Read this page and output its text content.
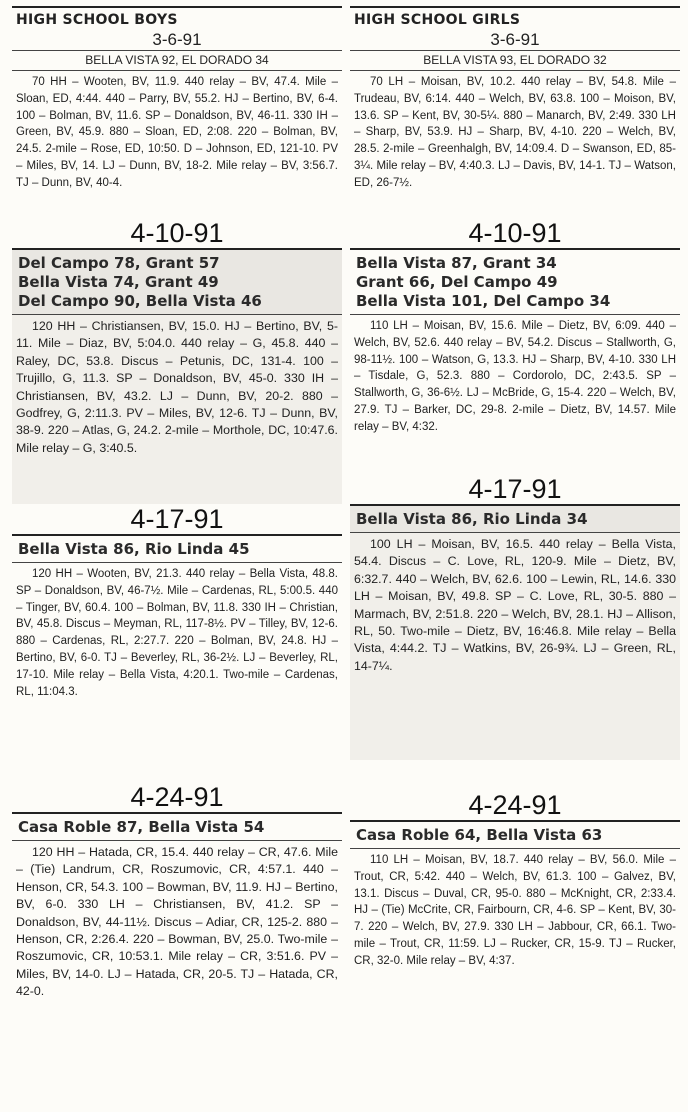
HIGH SCHOOL BOYS
3-6-91
BELLA VISTA 92, EL DORADO 34
70 HH – Wooten, BV, 11.9. 440 relay – BV, 47.4. Mile – Sloan, ED, 4:44. 440 – Parry, BV, 55.2. HJ – Bertino, BV, 6-4. 100 – Bolman, BV, 11.6. SP – Donaldson, BV, 46-11. 330 IH – Green, BV, 45.9. 880 – Sloan, ED, 2:08. 220 – Bolman, BV, 24.5. 2-mile – Rose, ED, 10:50. D – Johnson, ED, 121-10. PV – Miles, BV, 14. LJ – Dunn, BV, 18-2. Mile relay – BV, 3:56.7. TJ – Dunn, BV, 40-4.
4-10-91
Del Campo 78, Grant 57
Bella Vista 74, Grant 49
Del Campo 90, Bella Vista 46
120 HH – Christiansen, BV, 15.0. HJ – Bertino, BV, 5-11. Mile – Diaz, BV, 5:04.0. 440 relay – G, 45.8. 440 – Raley, DC, 53.8. Discus – Petunis, DC, 131-4. 100 – Trujillo, G, 11.3. SP – Donaldson, BV, 45-0. 330 IH – Christiansen, BV, 43.2. LJ – Dunn, BV, 20-2. 880 – Godfrey, G, 2:11.3. PV – Miles, BV, 12-6. TJ – Dunn, BV, 38-9. 220 – Atlas, G, 24.2. 2-mile – Morthole, DC, 10:47.6. Mile relay – G, 3:40.5.
4-17-91
Bella Vista 86, Rio Linda 45
120 HH – Wooten, BV, 21.3. 440 relay – Bella Vista, 48.8. SP – Donaldson, BV, 46-7½. Mile – Cardenas, RL, 5:00.5. 440 – Tinger, BV, 60.4. 100 – Bolman, BV, 11.8. 330 IH – Christian, BV, 45.8. Discus – Meyman, RL, 117-8½. PV – Tilley, BV, 12-6. 880 – Cardenas, RL, 2:27.7. 220 – Bolman, BV, 24.8. HJ – Bertino, BV, 6-0. TJ – Beverley, RL, 36-2½. LJ – Beverley, RL, 17-10. Mile relay – Bella Vista, 4:20.1. Two-mile – Cardenas, RL, 11:04.3.
4-24-91
Casa Roble 87, Bella Vista 54
120 HH – Hatada, CR, 15.4. 440 relay – CR, 47.6. Mile – (Tie) Landrum, CR, Roszumovic, CR, 4:57.1. 440 – Henson, CR, 54.3. 100 – Bowman, BV, 11.9. HJ – Bertino, BV, 6-0. 330 LH – Christiansen, BV, 41.2. SP – Donaldson, BV, 44-11½. Discus – Adiar, CR, 125-2. 880 – Henson, CR, 2:26.4. 220 – Bowman, BV, 25.0. Two-mile – Roszumovic, CR, 10:53.1. Mile relay – CR, 3:51.6. PV – Miles, BV, 14-0. LJ – Hatada, CR, 20-5. TJ – Hatada, CR, 42-0.
HIGH SCHOOL GIRLS
3-6-91
BELLA VISTA 93, EL DORADO 32
70 LH – Moisan, BV, 10.2. 440 relay – BV, 54.8. Mile – Trudeau, BV, 6:14. 440 – Welch, BV, 63.8. 100 – Moison, BV, 13.6. SP – Kent, BV, 30-5¼. 880 – Manarch, BV, 2:49. 330 LH – Sharp, BV, 53.9. HJ – Sharp, BV, 4-10. 220 – Welch, BV, 28.5. 2-mile – Greenhalgh, BV, 14:09.4. D – Swanson, ED, 85-3¼. Mile relay – BV, 4:40.3. LJ – Davis, BV, 14-1. TJ – Watson, ED, 26-7½.
4-10-91
Bella Vista 87, Grant 34
Grant 66, Del Campo 49
Bella Vista 101, Del Campo 34
110 LH – Moisan, BV, 15.6. Mile – Dietz, BV, 6:09. 440 – Welch, BV, 52.6. 440 relay – BV, 54.2. Discus – Stallworth, G, 98-11½. 100 – Watson, G, 13.3. HJ – Sharp, BV, 4-10. 330 LH – Tisdale, G, 52.3. 880 – Cordorolo, DC, 2:43.5. SP – Stallworth, G, 36-6½. LJ – McBride, G, 15-4. 220 – Welch, BV, 27.9. TJ – Barker, DC, 29-8. 2-mile – Dietz, BV, 14.57. Mile relay – BV, 4:32.
4-17-91
Bella Vista 86, Rio Linda 34
100 LH – Moisan, BV, 16.5. 440 relay – Bella Vista, 54.4. Discus – C. Love, RL, 120-9. Mile – Dietz, BV, 6:32.7. 440 – Welch, BV, 62.6. 100 – Lewin, RL, 14.6. 330 LH – Moisan, BV, 49.8. SP – C. Love, RL, 30-5. 880 – Marmach, BV, 2:51.8. 220 – Welch, BV, 28.1. HJ – Allison, RL, 50. Two-mile – Dietz, BV, 16:46.8. Mile relay – Bella Vista, 4:44.2. TJ – Watkins, BV, 26-9¾. LJ – Green, RL, 14-7¼.
4-24-91
Casa Roble 64, Bella Vista 63
110 LH – Moisan, BV, 18.7. 440 relay – BV, 56.0. Mile – Trout, CR, 5:42. 440 – Welch, BV, 61.3. 100 – Galvez, BV, 13.1. Discus – Duval, CR, 95-0. 880 – McKnight, CR, 2:33.4. HJ – (Tie) McCrite, CR, Fairbourn, CR, 4-6. SP – Kent, BV, 30-7. 220 – Welch, BV, 27.9. 330 LH – Jabbour, CR, 66.1. Two-mile – Trout, CR, 11:59. LJ – Rucker, CR, 15-9. TJ – Rucker, CR, 32-0. Mile relay – BV, 4:37.
